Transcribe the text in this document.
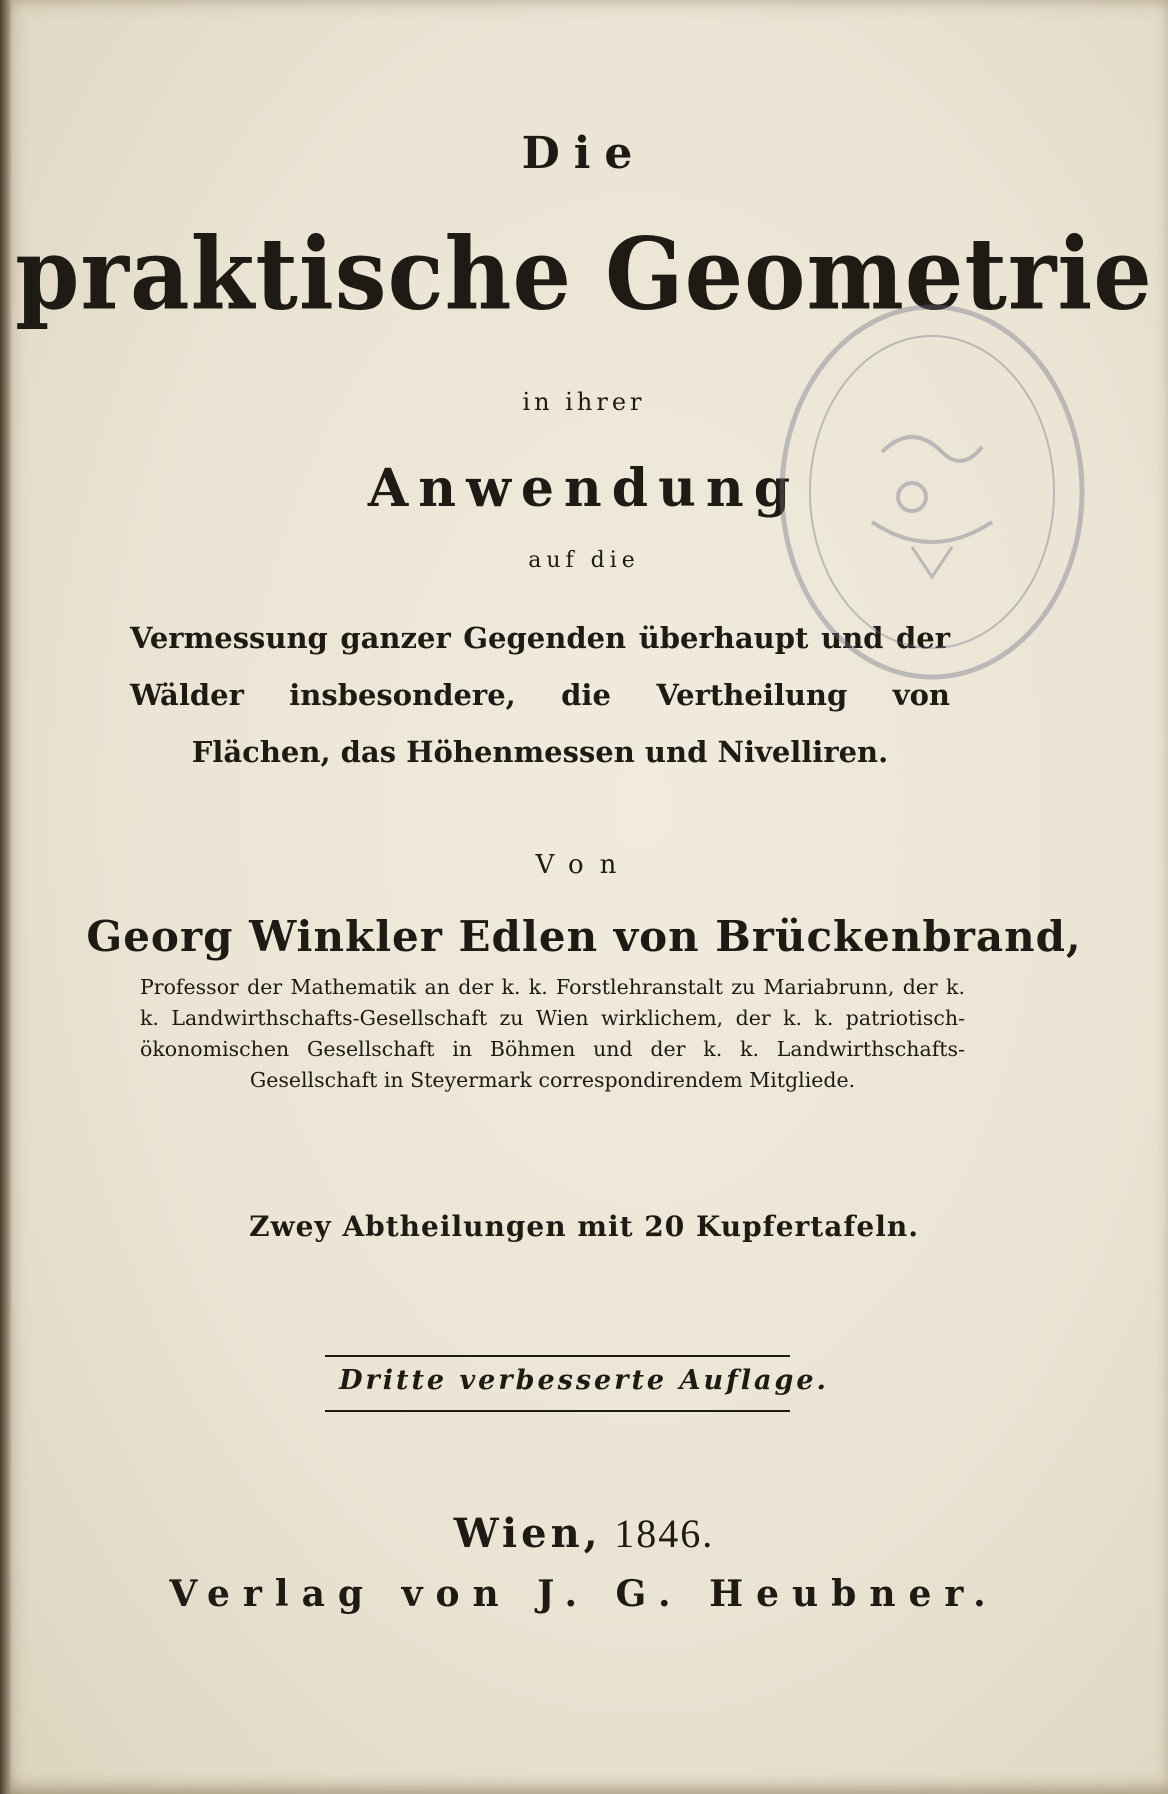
Die
praktische Geometrie
in ihrer
Anwendung
auf die
Vermessung ganzer Gegenden überhaupt und der Wälder insbesondere, die Vertheilung von Flächen, das Höhenmessen und Nivelliren.
Von
Georg Winkler Edlen von Brückenbrand,
Professor der Mathematik an der k. k. Forstlehranstalt zu Mariabrunn, der k. k. Landwirthschafts-Gesellschaft zu Wien wirklichem, der k. k. patriotisch-ökonomischen Gesellschaft in Böhmen und der k. k. Landwirthschafts-Gesellschaft in Steyermark correspondirendem Mitgliede.
Zwey Abtheilungen mit 20 Kupfertafeln.
Dritte verbesserte Auflage.
Wien, 1846.
Verlag von J. G. Heubner.
